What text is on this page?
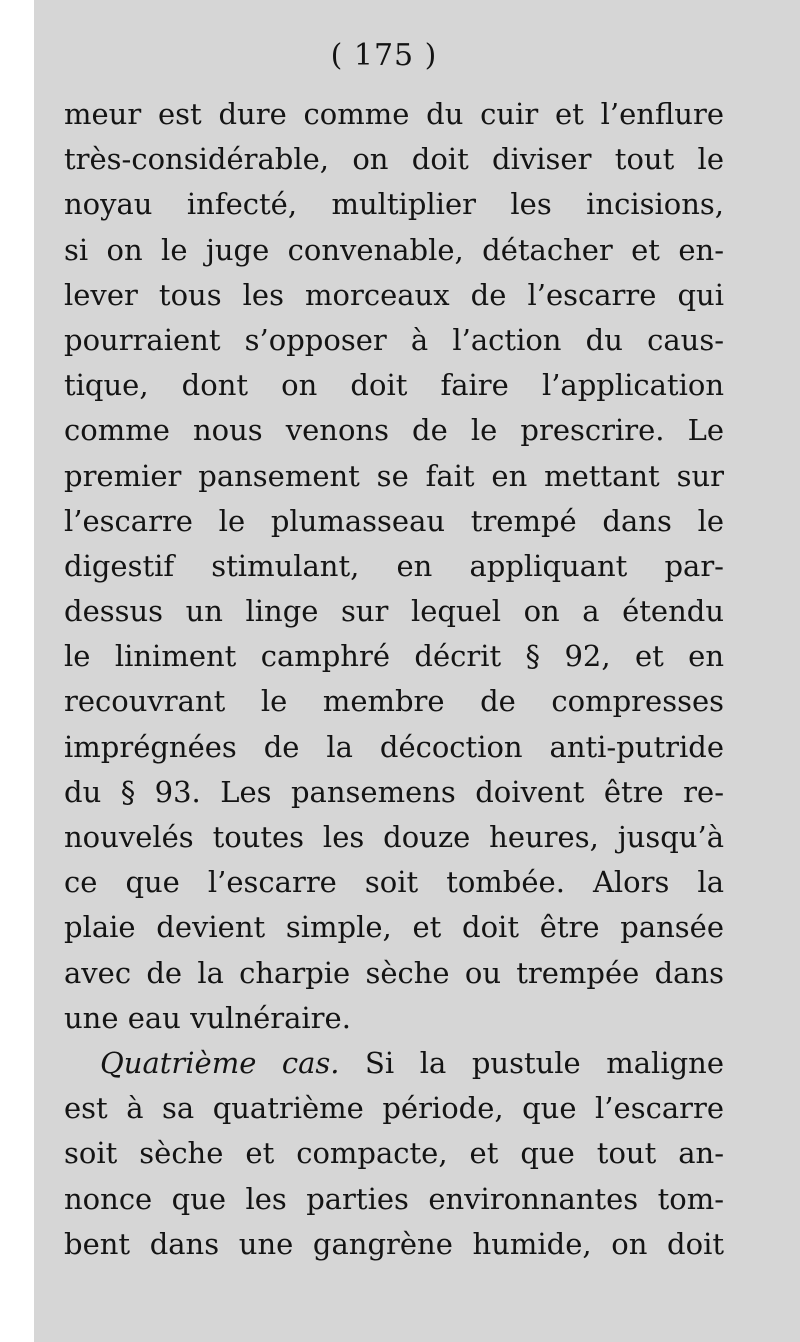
( 175 )
meur est dure comme du cuir et l’enflure
très-considérable, on doit diviser tout le
noyau infecté, multiplier les incisions,
si on le juge convenable, détacher et en-
lever tous les morceaux de l’escarre qui
pourraient s’opposer à l’action du caus-
tique, dont on doit faire l’application
comme nous venons de le prescrire. Le
premier pansement se fait en mettant sur
l’escarre le plumasseau trempé dans le
digestif stimulant, en appliquant par-
dessus un linge sur lequel on a étendu
le liniment camphré décrit § 92, et en
recouvrant le membre de compresses
imprégnées de la décoction anti-putride
du § 93. Les pansemens doivent être re-
nouvelés toutes les douze heures, jusqu’à
ce que l’escarre soit tombée. Alors la
plaie devient simple, et doit être pansée
avec de la charpie sèche ou trempée dans
une eau vulnéraire.
Quatrième cas. Si la pustule maligne
est à sa quatrième période, que l’escarre
soit sèche et compacte, et que tout an-
nonce que les parties environnantes tom-
bent dans une gangrène humide, on doit
